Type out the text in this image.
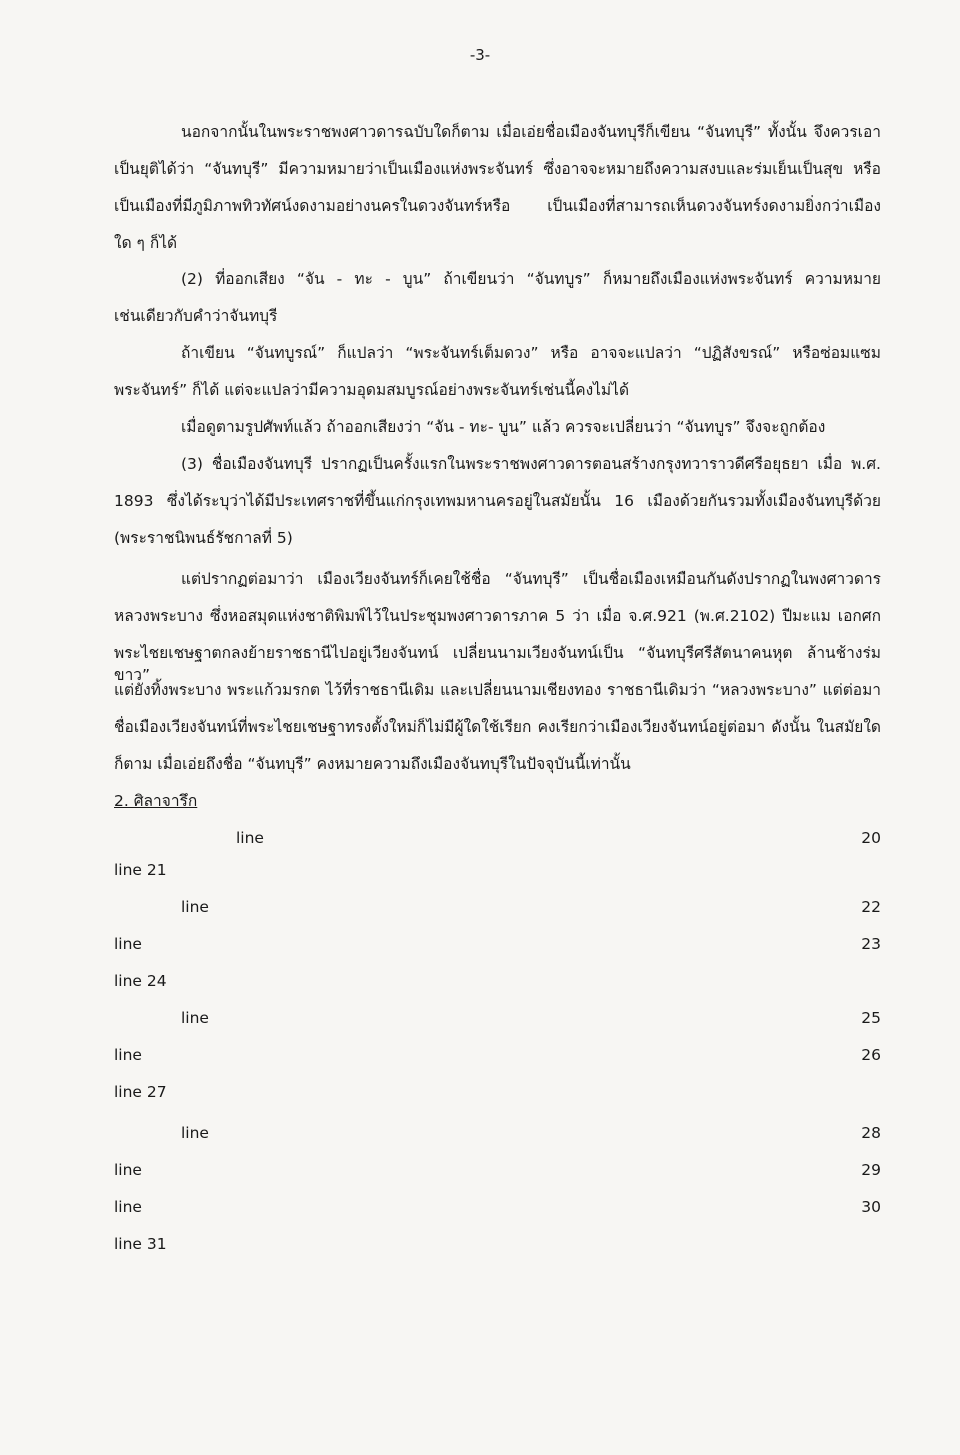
-3-
นอกจากนั้นในพระราชพงศาวดารฉบับใดก็ตาม เมื่อเอ่ยชื่อเมืองจันทบุรีก็เขียน “จันทบุรี” ทั้งนั้น จึงควรเอา
เป็นยุติได้ว่า “จันทบุรี” มีความหมายว่าเป็นเมืองแห่งพระจันทร์ ซึ่งอาจจะหมายถึงความสงบและร่มเย็นเป็นสุข หรือ
เป็นเมืองที่มีภูมิภาพทิวทัศน์งดงามอย่างนครในดวงจันทร์หรือ เป็นเมืองที่สามารถเห็นดวงจันทร์งดงามยิ่งกว่าเมือง
ใด ๆ ก็ได้
(2) ที่ออกเสียง “จัน - ทะ - บูน” ถ้าเขียนว่า “จันทบูร” ก็หมายถึงเมืองแห่งพระจันทร์ ความหมาย
เช่นเดียวกับคำว่าจันทบุรี
ถ้าเขียน “จันทบูรณ์” ก็แปลว่า “พระจันทร์เต็มดวง” หรือ อาจจะแปลว่า “ปฏิสังขรณ์” หรือซ่อมแซม
พระจันทร์” ก็ได้ แต่จะแปลว่ามีความอุดมสมบูรณ์อย่างพระจันทร์เช่นนี้คงไม่ได้
เมื่อดูตามรูปศัพท์แล้ว ถ้าออกเสียงว่า “จัน - ทะ- บูน” แล้ว ควรจะเปลี่ยนว่า “จันทบูร” จึงจะถูกต้อง
(3) ชื่อเมืองจันทบุรี ปรากฏเป็นครั้งแรกในพระราชพงศาวดารตอนสร้างกรุงทวาราวดีศรีอยุธยา เมื่อ พ.ศ.
1893 ซึ่งได้ระบุว่าได้มีประเทศราชที่ขึ้นแก่กรุงเทพมหานครอยู่ในสมัยนั้น 16 เมืองด้วยกันรวมทั้งเมืองจันทบุรีด้วย
(พระราชนิพนธ์รัชกาลที่ 5)
แต่ปรากฏต่อมาว่า เมืองเวียงจันทร์ก็เคยใช้ชื่อ “จันทบุรี” เป็นชื่อเมืองเหมือนกันดังปรากฏในพงศาวดาร
หลวงพระบาง ซึ่งหอสมุดแห่งชาติพิมพ์ไว้ในประชุมพงศาวดารภาค 5 ว่า เมื่อ จ.ศ.921 (พ.ศ.2102) ปีมะแม เอกศก
พระไชยเชษฐาตกลงย้ายราชธานีไปอยู่เวียงจันทน์ เปลี่ยนนามเวียงจันทน์เป็น “จันทบุรีศรีสัตนาคนหุต ล้านช้างร่มขาว”
แต่ยังทิ้งพระบาง พระแก้วมรกต ไว้ที่ราชธานีเดิม และเปลี่ยนนามเชียงทอง ราชธานีเดิมว่า “หลวงพระบาง” แต่ต่อมา
ชื่อเมืองเวียงจันทน์ที่พระไชยเชษฐาทรงตั้งใหม่ก็ไม่มีผู้ใดใช้เรียก คงเรียกว่าเมืองเวียงจันทน์อยู่ต่อมา ดังนั้น ในสมัยใด
ก็ตาม เมื่อเอ่ยถึงชื่อ “จันทบุรี” คงหมายความถึงเมืองจันทบุรีในปัจจุบันนี้เท่านั้น
2. ศิลาจารึก
line 20
line 21
line 22
line 23
line 24
line 25
line 26
line 27
line 28
line 29
line 30
line 31
